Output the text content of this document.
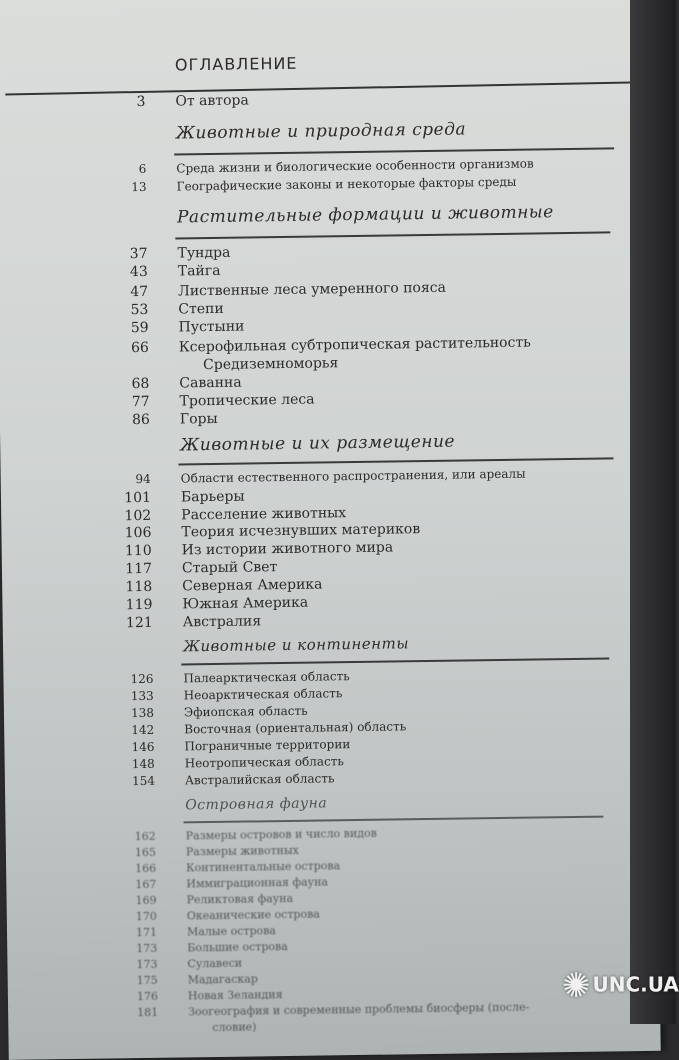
ОГЛАВЛЕНИЕ
3 От автора
Животные и природная среда
6 Среда жизни и биологические особенности организмов
13 Географические законы и некоторые факторы среды
Растительные формации и животные
37 Тундра
43 Тайга
47 Лиственные леса умеренного пояса
53 Степи
59 Пустыни
66 Ксерофильная субтропическая растительность
Средиземноморья
68 Саванна
77 Тропические леса
86 Горы
Животные и их размещение
94 Области естественного распространения, или ареалы
101 Барьеры
102 Расселение животных
106 Теория исчезнувших материков
110 Из истории животного мира
117 Старый Свет
118 Северная Америка
119 Южная Америка
121 Австралия
Животные и континенты
126 Палеарктическая область
133 Неоарктическая область
138 Эфиопская область
142 Восточная (ориентальная) область
146 Пограничные территории
148 Неотропическая область
154 Австралийская область
Островная фауна
162	Размеры островов и число видов
165	Размеры животных
166	Континентальные острова
167	Иммиграционная фауна
169	Реликтовая фауна
170	Океанические острова
171	Малые острова
173	Большие острова
173	Сулавеси
175	Мадагаскар
176	Новая Зеландия
181	Зоогеография и современные проблемы биосферы (после-
словие)
✺ UNC.UA
